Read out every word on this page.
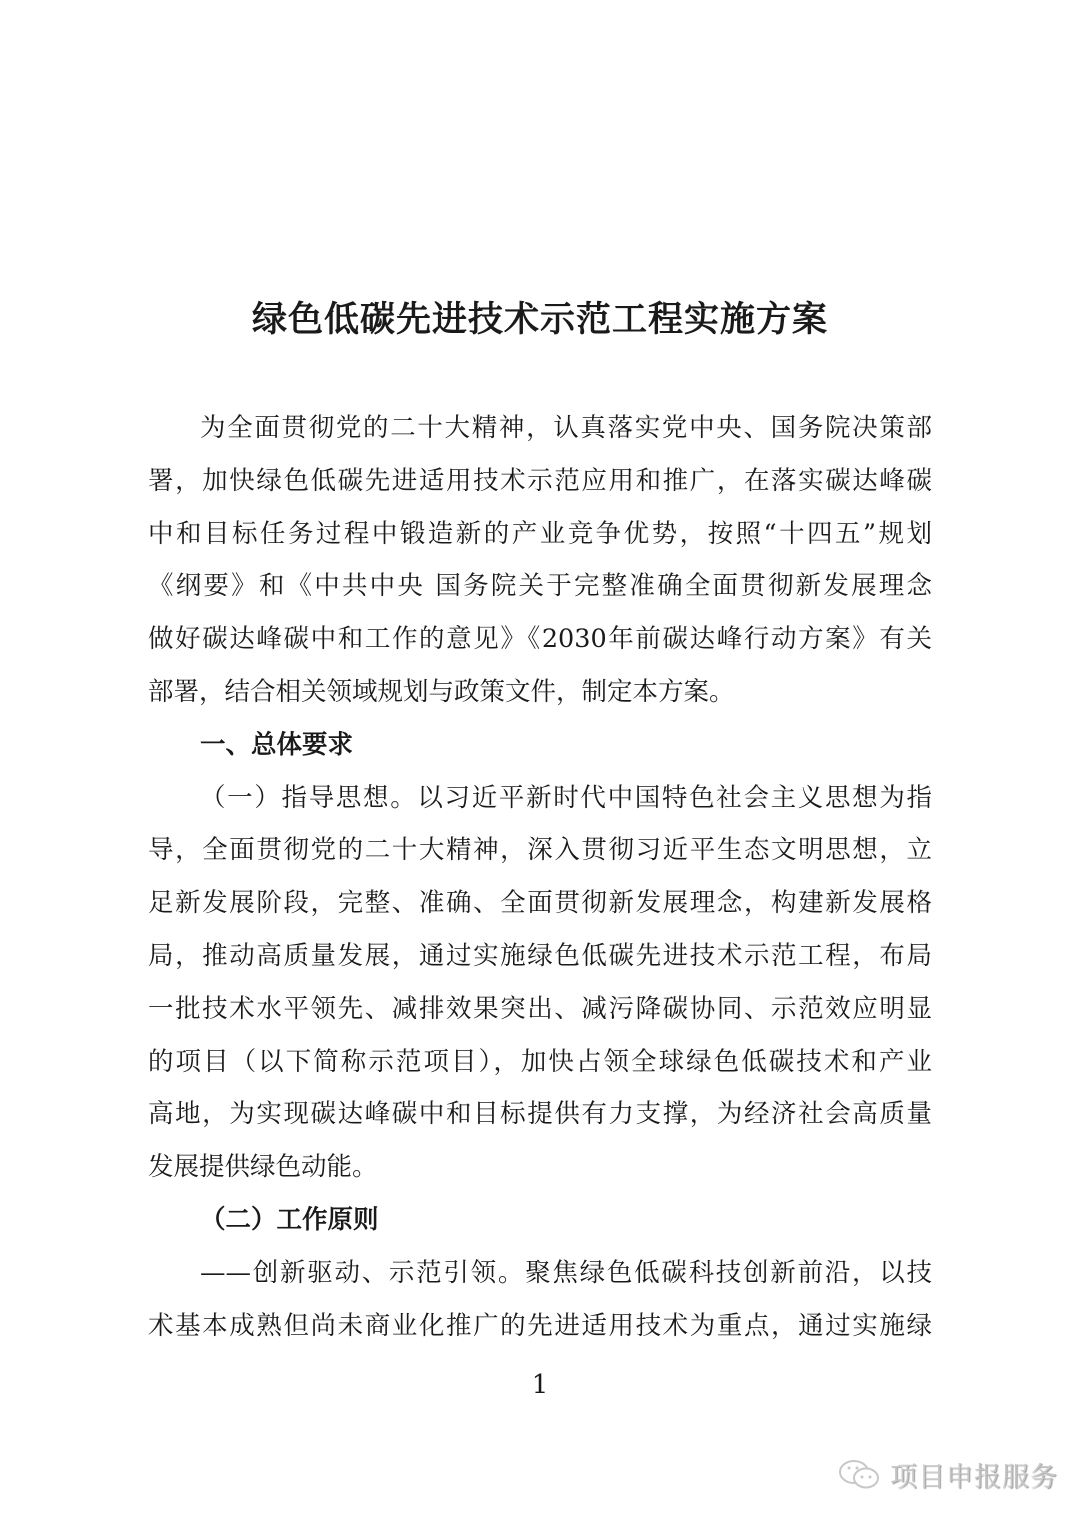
绿色低碳先进技术示范工程实施方案
为全面贯彻党的二十大精神，认真落实党中央、国务院决策部
署，加快绿色低碳先进适用技术示范应用和推广，在落实碳达峰碳
中和目标任务过程中锻造新的产业竞争优势，按照“十四五”规划
《纲要》和《中共中央 国务院关于完整准确全面贯彻新发展理念
做好碳达峰碳中和工作的意见》《2030年前碳达峰行动方案》有关
部署，结合相关领域规划与政策文件，制定本方案。
一、总体要求
（一）指导思想。以习近平新时代中国特色社会主义思想为指
导，全面贯彻党的二十大精神，深入贯彻习近平生态文明思想，立
足新发展阶段，完整、准确、全面贯彻新发展理念，构建新发展格
局，推动高质量发展，通过实施绿色低碳先进技术示范工程，布局
一批技术水平领先、减排效果突出、减污降碳协同、示范效应明显
的项目（以下简称示范项目），加快占领全球绿色低碳技术和产业
高地，为实现碳达峰碳中和目标提供有力支撑，为经济社会高质量
发展提供绿色动能。
（二）工作原则
——创新驱动、示范引领。聚焦绿色低碳科技创新前沿，以技
术基本成熟但尚未商业化推广的先进适用技术为重点，通过实施绿
1
项目申报服务
